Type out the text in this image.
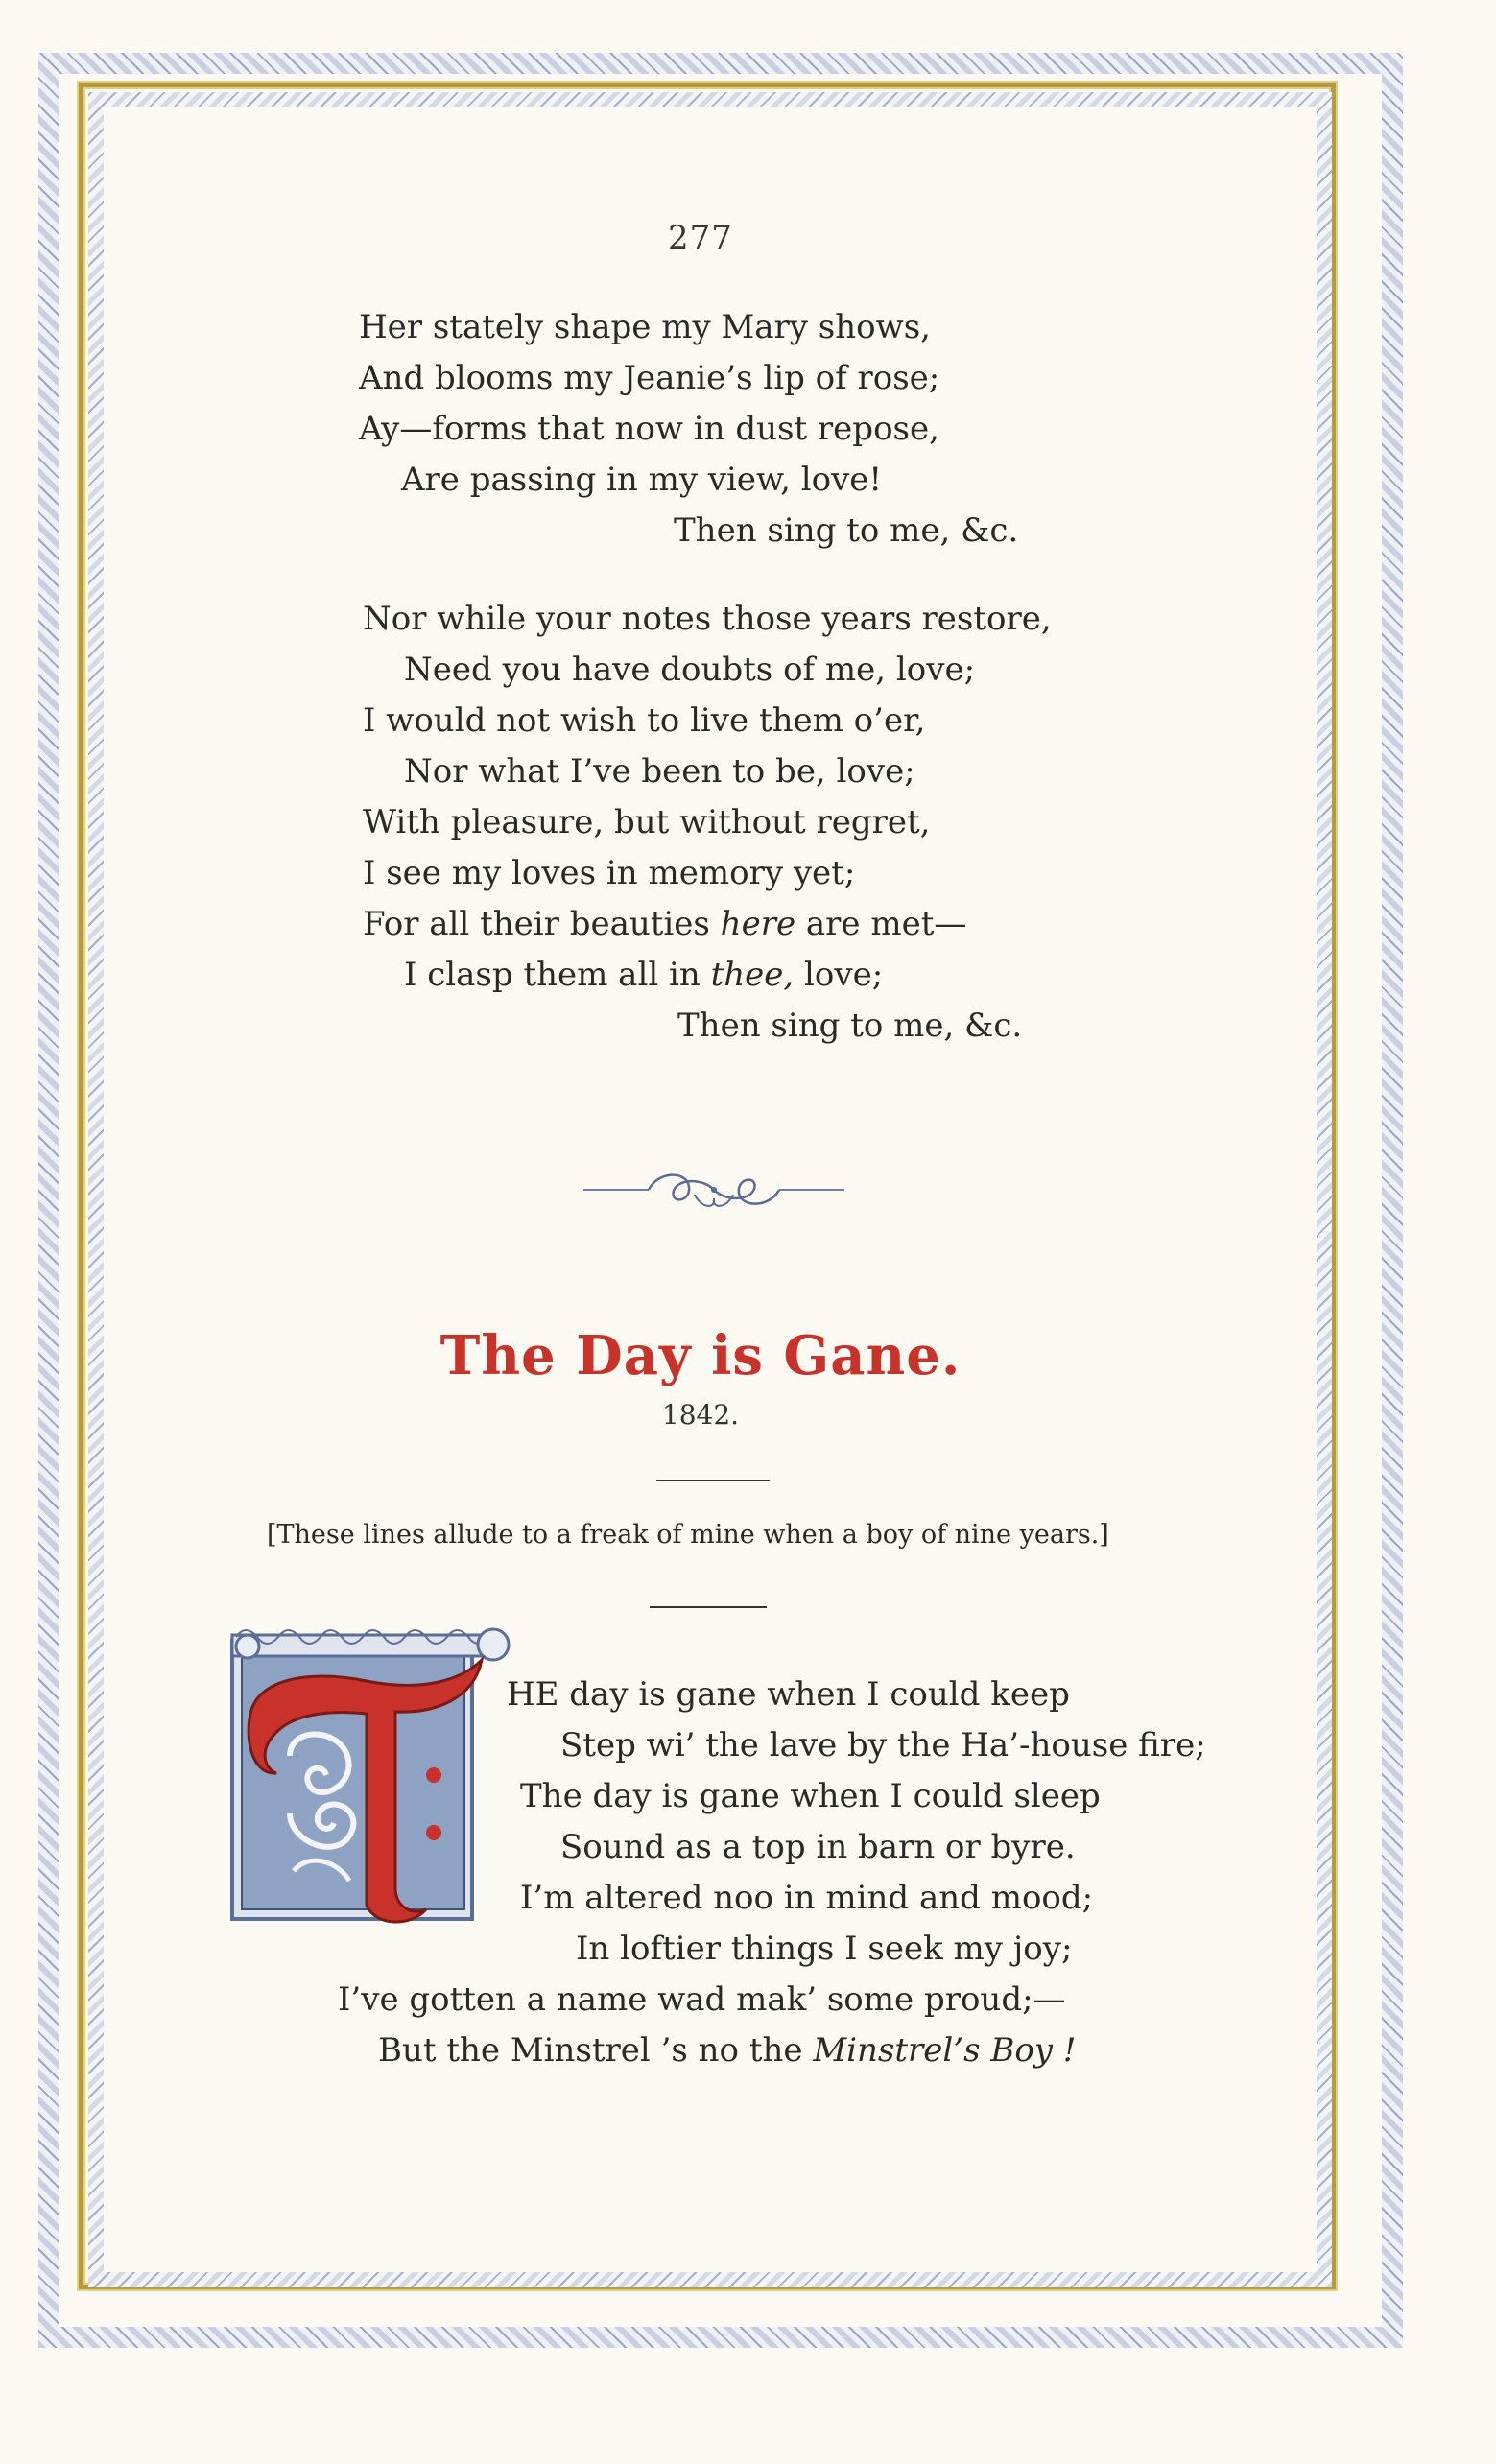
277
Her stately shape my Mary shows,
And blooms my Jeanie’s lip of rose;
Ay—forms that now in dust repose,
Are passing in my view, love!
Then sing to me, &c.
Nor while your notes those years restore,
Need you have doubts of me, love;
I would not wish to live them o’er,
Nor what I’ve been to be, love;
With pleasure, but without regret,
I see my loves in memory yet;
For all their beauties here are met—
I clasp them all in thee, love;
Then sing to me, &c.
The Day is Gane.
1842.
[These lines allude to a freak of mine when a boy of nine years.]
HE day is gane when I could keep
Step wi’ the lave by the Ha’-house fire;
The day is gane when I could sleep
Sound as a top in barn or byre.
I’m altered noo in mind and mood;
In loftier things I seek my joy;
I’ve gotten a name wad mak’ some proud;—
But the Minstrel ’s no the Minstrel’s Boy !
